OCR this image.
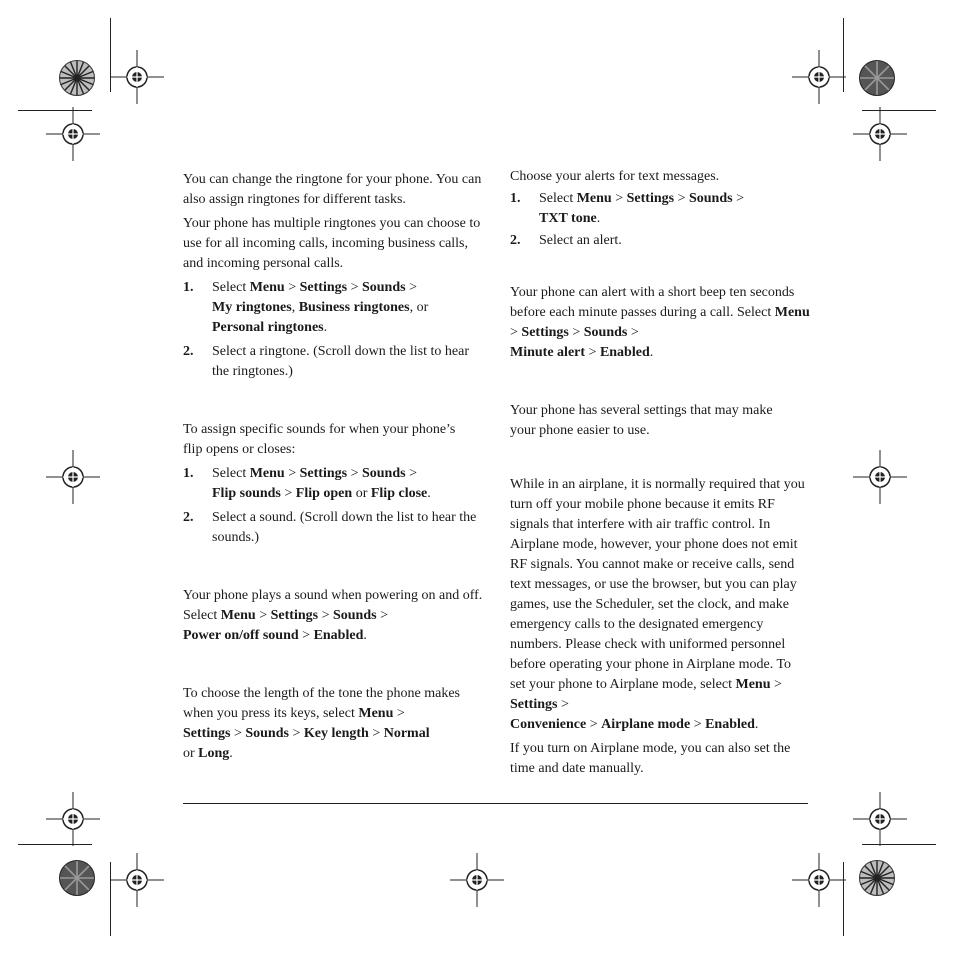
You can change the ringtone for your phone. You can also assign ringtones for different tasks.

Your phone has multiple ringtones you can choose to use for all incoming calls, incoming business calls, and incoming personal calls.

1. Select Menu > Settings > Sounds >
My ringtones, Business ringtones, or
Personal ringtones.
2. Select a ringtone. (Scroll down the list to hear the ringtones.)

To assign specific sounds for when your phone’s flip opens or closes:

1. Select Menu > Settings > Sounds >
Flip sounds > Flip open or Flip close.
2. Select a sound. (Scroll down the list to hear the sounds.)

Your phone plays a sound when powering on and off. Select Menu > Settings > Sounds >
Power on/off sound > Enabled.

To choose the length of the tone the phone makes when you press its keys, select Menu >
Settings > Sounds > Key length > Normal
or Long.

Choose your alerts for text messages.

1. Select Menu > Settings > Sounds >
TXT tone.
2. Select an alert.

Your phone can alert with a short beep ten seconds before each minute passes during a call. Select Menu > Settings > Sounds >
Minute alert > Enabled.

Your phone has several settings that may make your phone easier to use.

While in an airplane, it is normally required that you turn off your mobile phone because it emits RF signals that interfere with air traffic control. In Airplane mode, however, your phone does not emit RF signals. You cannot make or receive calls, send text messages, or use the browser, but you can play games, use the Scheduler, set the clock, and make emergency calls to the designated emergency numbers. Please check with uniformed personnel before operating your phone in Airplane mode. To set your phone to Airplane mode, select Menu > Settings >
Convenience > Airplane mode > Enabled.

If you turn on Airplane mode, you can also set the time and date manually.
